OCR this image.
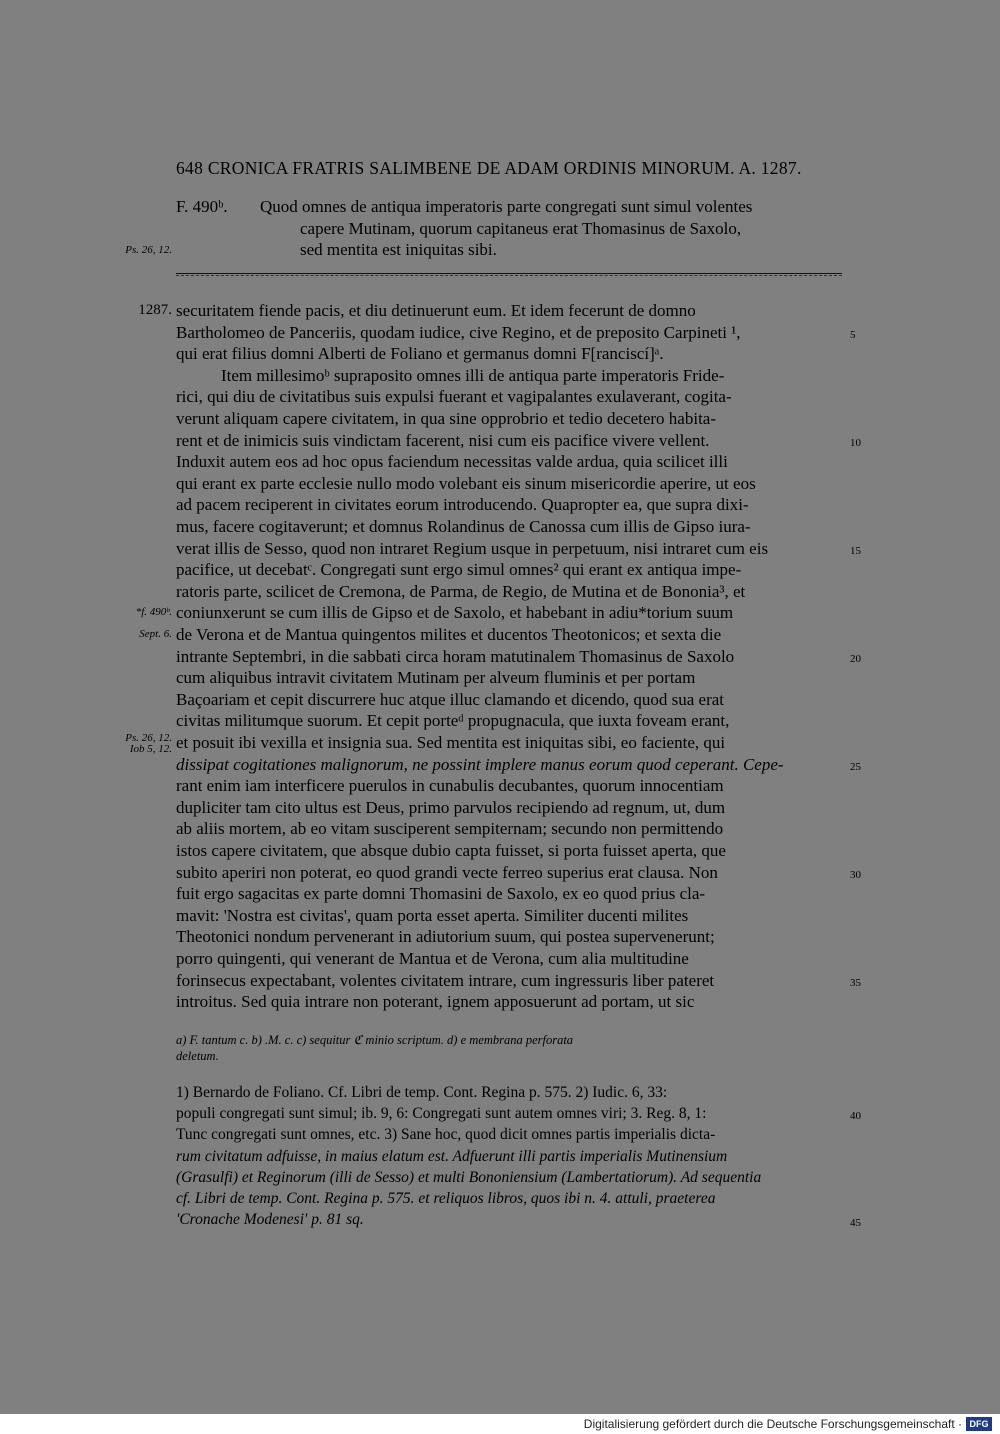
648 CRONICA FRATRIS SALIMBENE DE ADAM ORDINIS MINORUM. A. 1287.
F. 490ᵇ. Quod omnes de antiqua imperatoris parte congregati sunt simul volentes
capere Mutinam, quorum capitaneus erat Thomasinus de Saxolo,
sed mentita est iniquitas sibi.
Ps. 26, 12.
1287.
*f. 490ᵇ.
Sept. 6.
Ps. 26, 12.
Iob 5, 12.
securitatem fiende pacis, et diu detinuerunt eum. Et idem fecerunt de domno
Bartholomeo de Panceriis, quodam iudice, cive Regino, et de preposito Carpineti ¹,
qui erat filius domni Alberti de Foliano et germanus domni F[ranciscí]ᵃ.
Item millesimoᵇ supraposito omnes illi de antiqua parte imperatoris Fride-
rici, qui diu de civitatibus suis expulsi fuerant et vagipalantes exulaverant, cogita-
verunt aliquam capere civitatem, in qua sine opprobrio et tedio decetero habita-
rent et de inimicis suis vindictam facerent, nisi cum eis pacifice vivere vellent.
Induxit autem eos ad hoc opus faciendum necessitas valde ardua, quia scilicet illi
qui erant ex parte ecclesie nullo modo volebant eis sinum misericordie aperire, ut eos
ad pacem reciperent in civitates eorum introducendo. Quapropter ea, que supra dixi-
mus, facere cogitaverunt; et domnus Rolandinus de Canossa cum illis de Gipso iura-
verat illis de Sesso, quod non intraret Regium usque in perpetuum, nisi intraret cum eis
pacifice, ut decebatᶜ. Congregati sunt ergo simul omnes² qui erant ex antiqua impe-
ratoris parte, scilicet de Cremona, de Parma, de Regio, de Mutina et de Bononia³, et
coniunxerunt se cum illis de Gipso et de Saxolo, et habebant in adiu*torium suum
de Verona et de Mantua quingentos milites et ducentos Theotonicos; et sexta die
intrante Septembri, in die sabbati circa horam matutinalem Thomasinus de Saxolo
cum aliquibus intravit civitatem Mutinam per alveum fluminis et per portam
Baçoariam et cepit discurrere huc atque illuc clamando et dicendo, quod sua erat
civitas militumque suorum. Et cepit porteᵈ propugnacula, que iuxta foveam erant,
et posuit ibi vexilla et insignia sua. Sed mentita est iniquitas sibi, eo faciente, qui
dissipat cogitationes malignorum, ne possint implere manus eorum quod ceperant. Cepe-
rant enim iam interficere puerulos in cunabulis decubantes, quorum innocentiam
dupliciter tam cito ultus est Deus, primo parvulos recipiendo ad regnum, ut, dum
ab aliis mortem, ab eo vitam susciperent sempiternam; secundo non permittendo
istos capere civitatem, que absque dubio capta fuisset, si porta fuisset aperta, que
subito aperiri non poterat, eo quod grandi vecte ferreo superius erat clausa. Non
fuit ergo sagacitas ex parte domni Thomasini de Saxolo, ex eo quod prius cla-
mavit: 'Nostra est civitas', quam porta esset aperta. Similiter ducenti milites
Theotonici nondum pervenerant in adiutorium suum, qui postea supervenerunt;
porro quingenti, qui venerant de Mantua et de Verona, cum alia multitudine
forinsecus expectabant, volentes civitatem intrare, cum ingressuris liber pateret
introitus. Sed quia intrare non poterant, ignem apposuerunt ad portam, ut sic
5
10
15
20
25
30
35
a) F. tantum c. b) .M. c. c) sequitur ℭ minio scriptum. d) e membrana perforata
deletum.
1) Bernardo de Foliano. Cf. Libri de temp. Cont. Regina p. 575. 2) Iudic. 6, 33:
populi congregati sunt simul; ib. 9, 6: Congregati sunt autem omnes viri; 3. Reg. 8, 1:
Tunc congregati sunt omnes, etc. 3) Sane hoc, quod dicit omnes partis imperialis dicta-
rum civitatum adfuisse, in maius elatum est. Adfuerunt illi partis imperialis Mutinensium
(Grasulfi) et Reginorum (illi de Sesso) et multi Bononiensium (Lambertatiorum). Ad sequentia
cf. Libri de temp. Cont. Regina p. 575. et reliquos libros, quos ibi n. 4. attuli, praeterea
'Cronache Modenesi' p. 81 sq.
40
45
Digitalisierung gefördert durch die Deutsche Forschungsgemeinschaft · DFG
